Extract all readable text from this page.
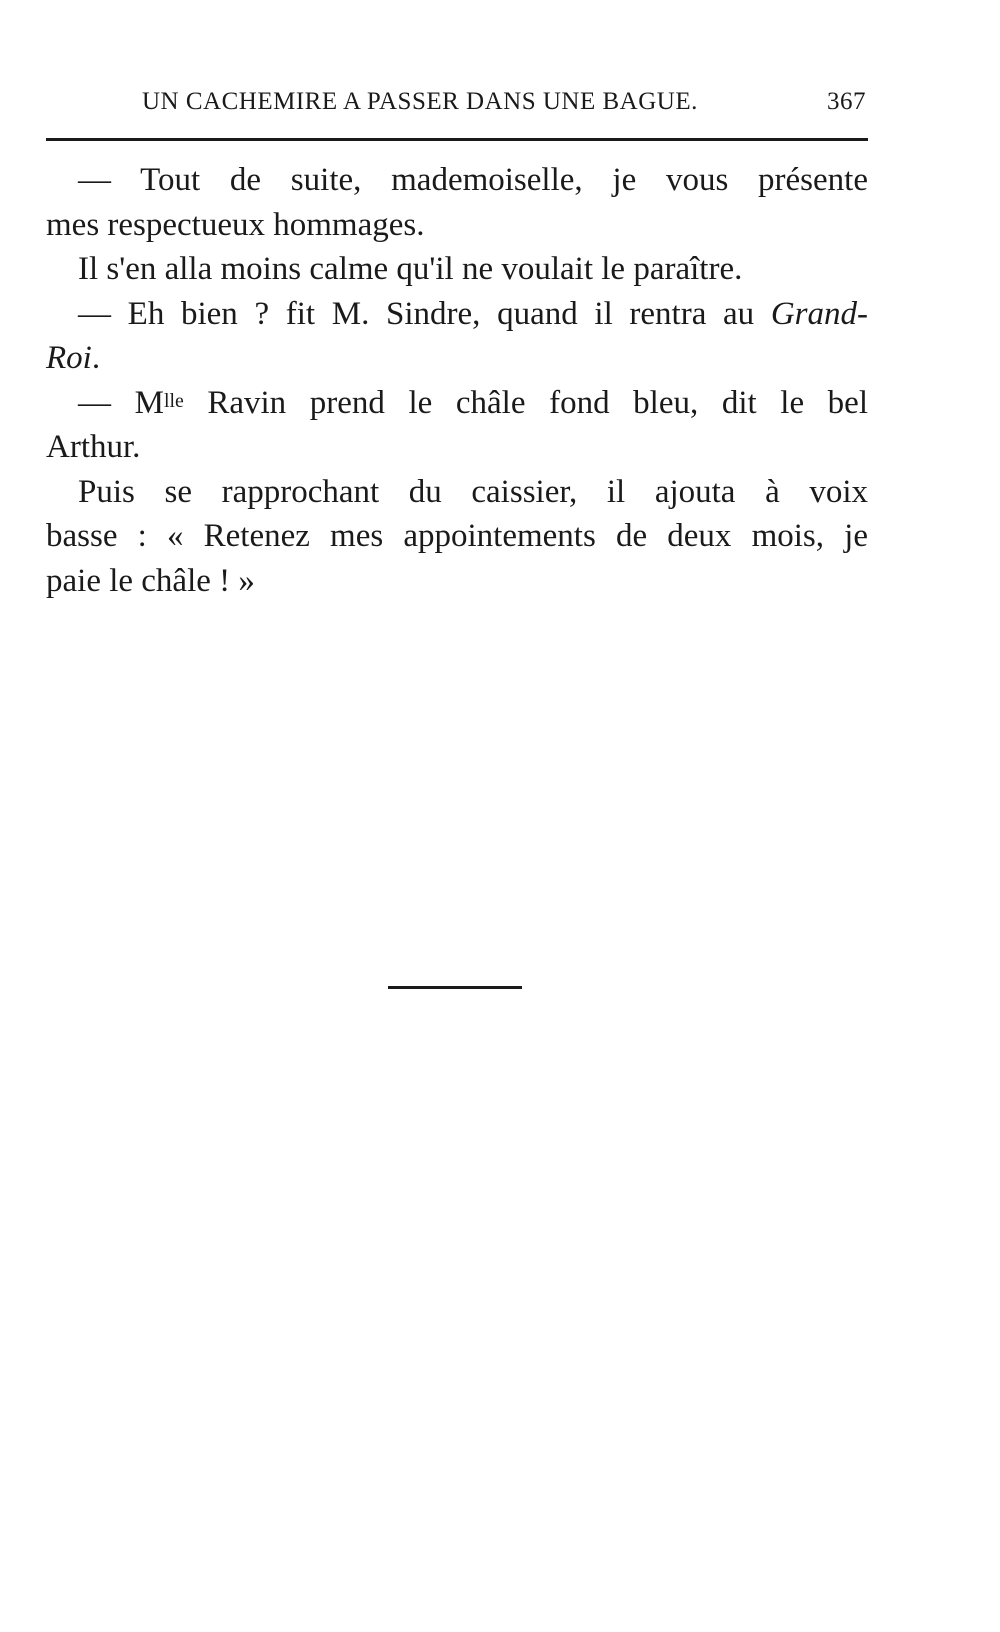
UN CACHEMIRE A PASSER DANS UNE BAGUE.	367

— Tout de suite, mademoiselle, je vous présente
mes respectueux hommages.

Il s'en alla moins calme qu'il ne voulait le paraître.

— Eh bien ? fit M. Sindre, quand il rentra au Grand-
Roi.

— $M^{lle}$ Ravin prend le châle fond bleu, dit le bel
Arthur.

Puis se rapprochant du caissier, il ajouta à voix
basse : « Retenez mes appointements de deux mois, je
paie le châle ! »
